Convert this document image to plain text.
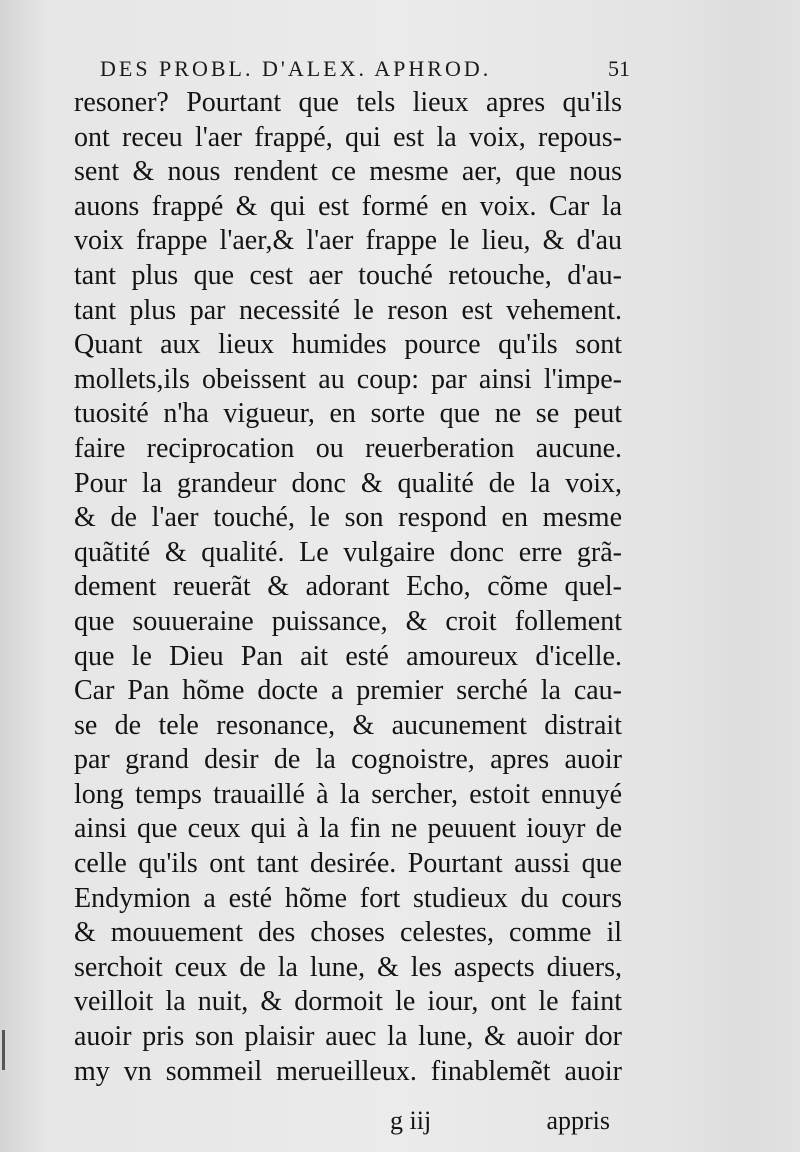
DES PROBL. D'ALEX. APHROD.	51
resoner? Pourtant que tels lieux apres qu'ils
ont receu l'aer frappé, qui est la voix, repous-
sent & nous rendent ce mesme aer, que nous
auons frappé & qui est formé en voix. Car la
voix frappe l'aer,& l'aer frappe le lieu, & d'au
tant plus que cest aer touché retouche, d'au-
tant plus par necessité le reson est vehement.
Quant aux lieux humides pource qu'ils sont
mollets,ils obeissent au coup: par ainsi l'impe-
tuosité n'ha vigueur, en sorte que ne se peut
faire reciprocation ou reuerberation aucune.
Pour la grandeur donc & qualité de la voix,
& de l'aer touché, le son respond en mesme
quãtité & qualité. Le vulgaire donc erre grã-
dement reuerãt & adorant Echo, cõme quel-
que souueraine puissance, & croit follement
que le Dieu Pan ait esté amoureux d'icelle.
Car Pan hõme docte a premier serché la cau-
se de tele resonance, & aucunement distrait
par grand desir de la cognoistre, apres auoir
long temps trauaillé à la sercher, estoit ennuyé
ainsi que ceux qui à la fin ne peuuent iouyr de
celle qu'ils ont tant desirée. Pourtant aussi que
Endymion a esté hõme fort studieux du cours
& mouuement des choses celestes, comme il
serchoit ceux de la lune, & les aspects diuers,
veilloit la nuit, & dormoit le iour, ont le faint
auoir pris son plaisir auec la lune, & auoir dor
my vn sommeil merueilleux. finablemẽt auoir
g iij	appris
